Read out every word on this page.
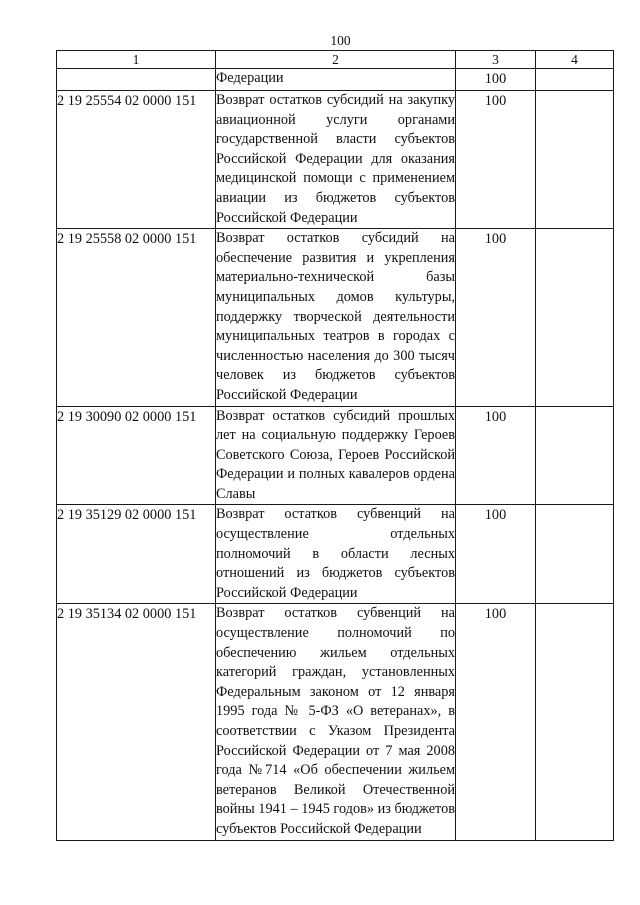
100
1	2	3	4
	Федерации	100	
2 19 25554 02 0000 151	Возврат остатков субсидий на закупку авиационной услуги органами государственной власти субъектов Российской Федерации для оказания медицинской помощи с применением авиации из бюджетов субъектов Российской Федерации	100	
2 19 25558 02 0000 151	Возврат остатков субсидий на обеспечение развития и укрепления материально-технической базы муниципальных домов культуры, поддержку творческой деятельности муниципальных театров в городах с численностью населения до 300 тысяч человек из бюджетов субъектов Российской Федерации	100	
2 19 30090 02 0000 151	Возврат остатков субсидий прошлых лет на социальную поддержку Героев Советского Союза, Героев Российской Федерации и полных кавалеров ордена Славы	100	
2 19 35129 02 0000 151	Возврат остатков субвенций на осуществление отдельных полномочий в области лесных отношений из бюджетов субъектов Российской Федерации	100	
2 19 35134 02 0000 151	Возврат остатков субвенций на осуществление полномочий по обеспечению жильем отдельных категорий граждан, установленных Федеральным законом от 12 января 1995 года № 5-ФЗ «О ветеранах», в соответствии с Указом Президента Российской Федерации от 7 мая 2008 года №714 «Об обеспечении жильем ветеранов Великой Отечественной войны 1941 – 1945 годов» из бюджетов субъектов Российской Федерации	100	
